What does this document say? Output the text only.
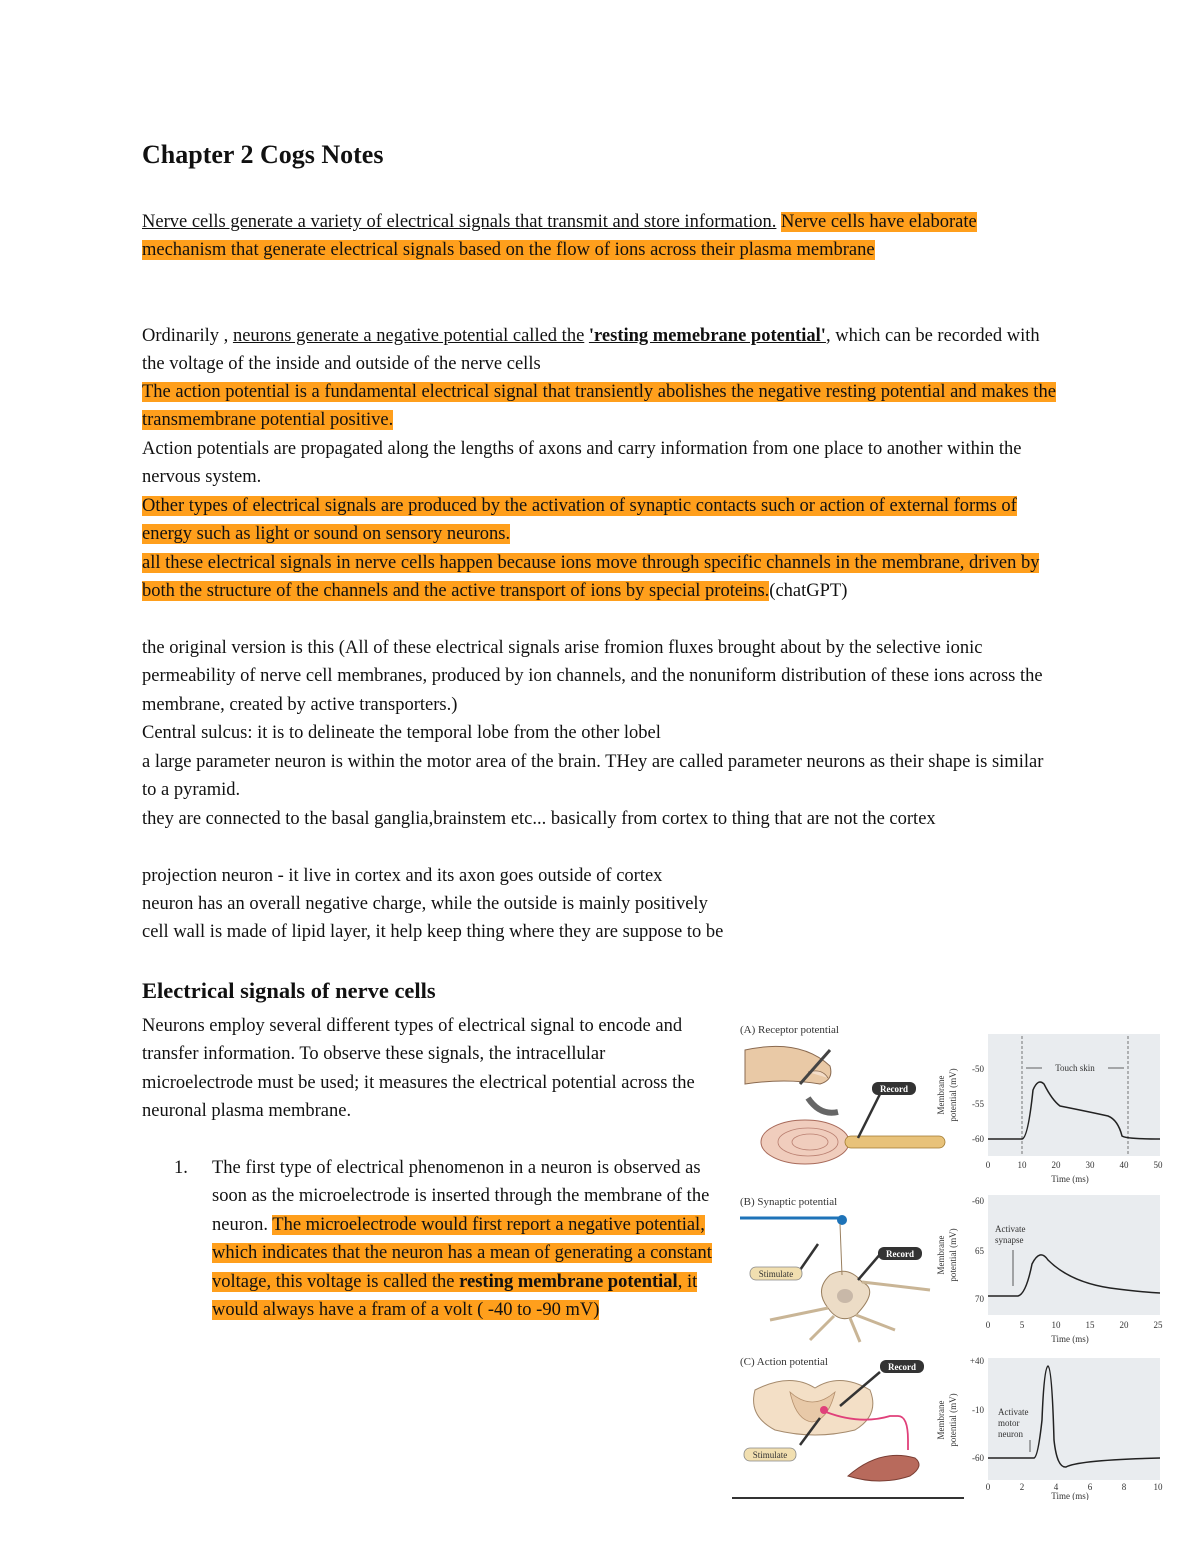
Chapter 2 Cogs Notes

Nerve cells generate a variety of electrical signals that transmit and store information. Nerve cells have elaborate mechanism that generate electrical signals based on the flow of ions across their plasma membrane

Ordinarily , neurons generate a negative potential called the 'resting memebrane potential', which can be recorded with the voltage of the inside and outside of the nerve cells

The action potential is a fundamental electrical signal that transiently abolishes the negative resting potential and makes the transmembrane potential positive.

Action potentials are propagated along the lengths of axons and carry information from one place to another within the nervous system.

Other types of electrical signals are produced by the activation of synaptic contacts such or action of external forms of energy such as light or sound on sensory neurons.

all these electrical signals in nerve cells happen because ions move through specific channels in the membrane, driven by both the structure of the channels and the active transport of ions by special proteins.(chatGPT)

the original version is this (All of these electrical signals arise fromion fluxes brought about by the selective ionic permeability of nerve cell membranes, produced by ion channels, and the nonuniform distribution of these ions across the membrane, created by active transporters.)

Central sulcus: it is to delineate the temporal lobe from the other lobel

a large parameter neuron is within the motor area of the brain. THey are called parameter neurons as their shape is similar to a pyramid.

they are connected to the basal ganglia,brainstem etc... basically from cortex to thing that are not the cortex

projection neuron - it live in cortex and its axon goes outside of cortex

neuron has an overall negative charge, while the outside is mainly positively

cell wall is made of lipid layer, it help keep thing where they are suppose to be

Electrical signals of nerve cells

Neurons employ several different types of electrical signal to encode and transfer information. To observe these signals, the intracellular microelectrode must be used; it measures the electrical potential across the neuronal plasma membrane.

1. The first type of electrical phenomenon in a neuron is observed as soon as the microelectrode is inserted through the membrane of the neuron. The microelectrode would first report a negative potential, which indicates that the neuron has a mean of generating a constant voltage, this voltage is called the resting membrane potential, it would always have a fram of a volt ( -40 to -90 mV)

(A) Receptor potential
Record	Membrane potential (mV) -50
-55
-60
Touch skin
0	10	20	30	40	50
Time (ms)
(B) Synaptic potential
Stimulate
Record Membrane potential (mV)
-60
65
70
Activate
synapse
0	5	10	15	20	25
Time (ms)
(C) Action potential
Stimulate
Record
Membrane potential (mV)
+40
-10
-60
Activate
motor
neuron
0	2	4	6	8	10
Time (ms)
